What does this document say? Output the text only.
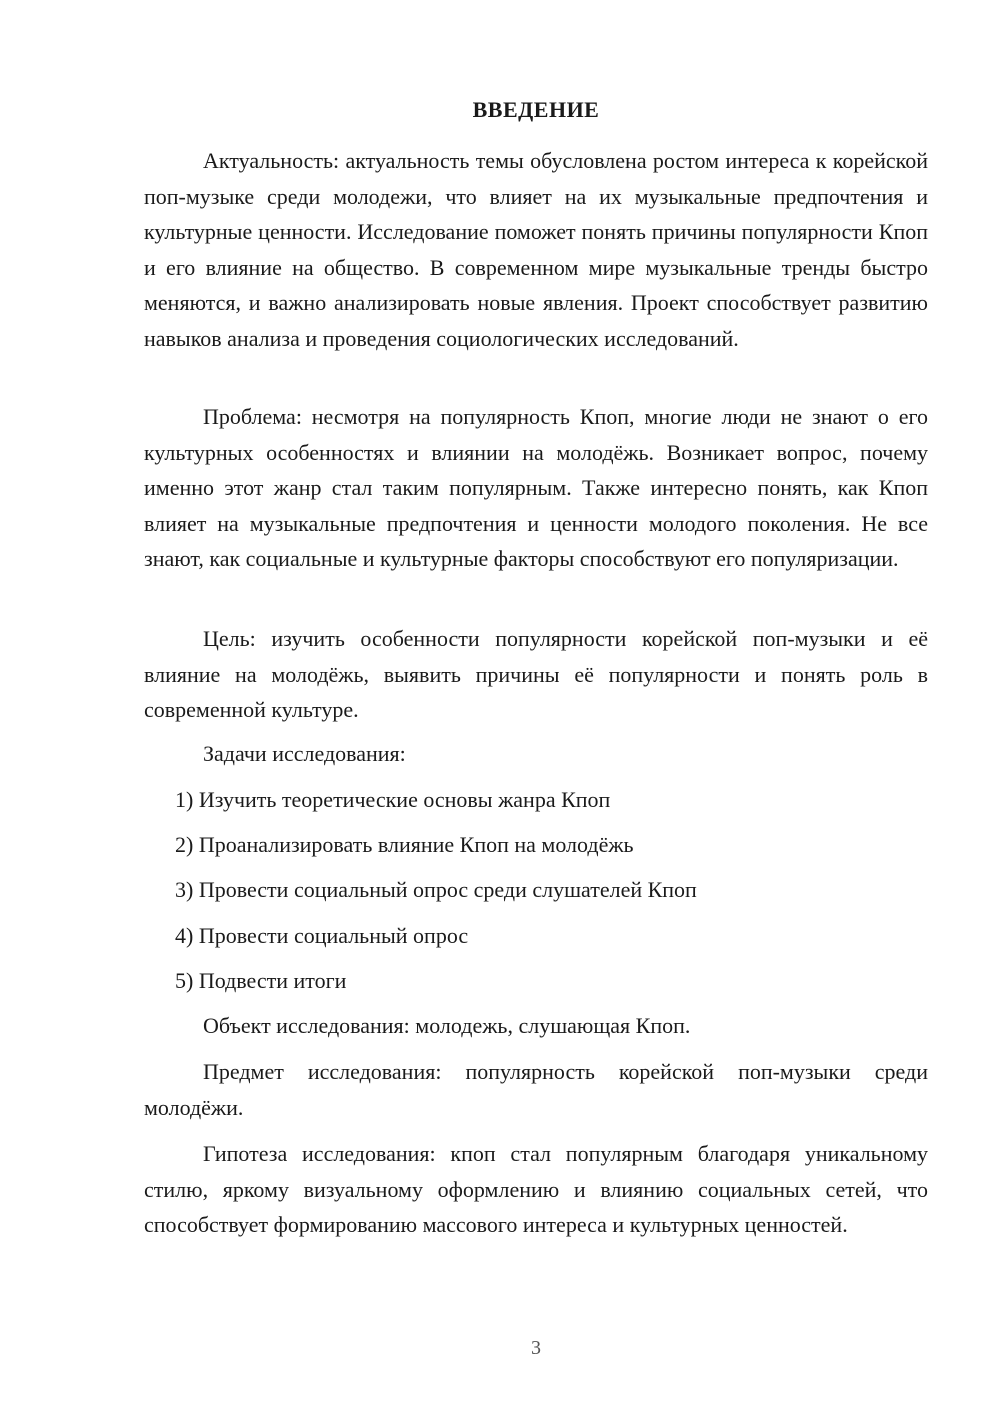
ВВЕДЕНИЕ

Актуальность: актуальность темы обусловлена ростом интереса к корейской поп-музыке среди молодежи, что влияет на их музыкальные предпочтения и культурные ценности. Исследование поможет понять причины популярности Кпоп и его влияние на общество. В современном мире музыкальные тренды быстро меняются, и важно анализировать новые явления. Проект способствует развитию навыков анализа и проведения социологических исследований.

Проблема: несмотря на популярность Кпоп, многие люди не знают о его культурных особенностях и влиянии на молодёжь. Возникает вопрос, почему именно этот жанр стал таким популярным. Также интересно понять, как Кпоп влияет на музыкальные предпочтения и ценности молодого поколения. Не все знают, как социальные и культурные факторы способствуют его популяризации.

Цель: изучить особенности популярности корейской поп-музыки и её влияние на молодёжь, выявить причины её популярности и понять роль в современной культуре.

Задачи исследования:

1) Изучить теоретические основы жанра Кпоп

2) Проанализировать влияние Кпоп на молодёжь

3) Провести социальный опрос среди слушателей Кпоп

4) Провести социальный опрос

5) Подвести итоги

Объект исследования: молодежь, слушающая Кпоп.

Предмет исследования: популярность корейской поп-музыки среди молодёжи.

Гипотеза исследования: кпоп стал популярным благодаря уникальному стилю, яркому визуальному оформлению и влиянию социальных сетей, что способствует формированию массового интереса и культурных ценностей.

3
